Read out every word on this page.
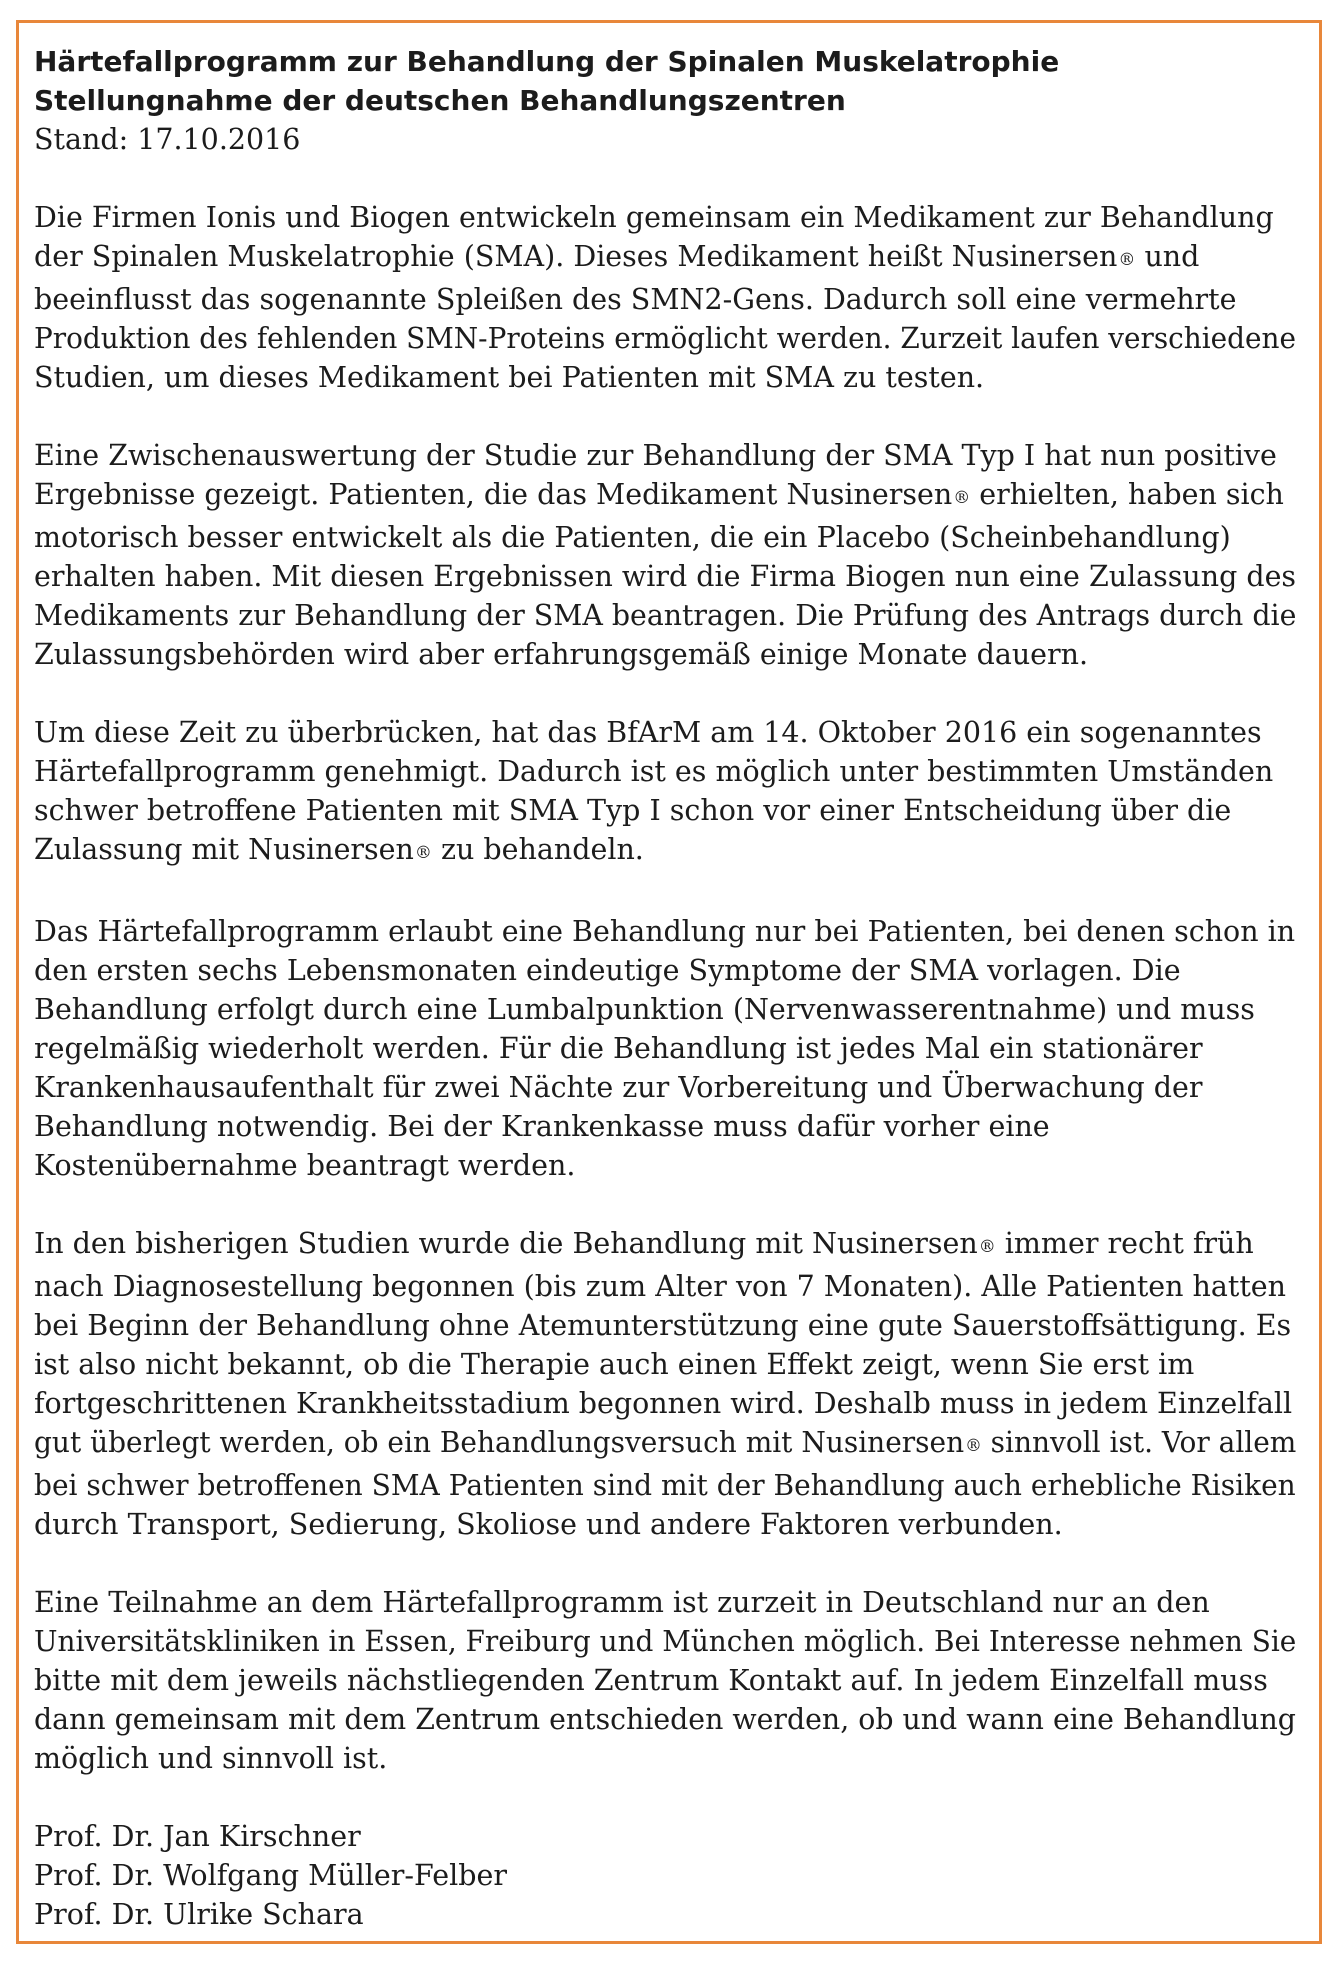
Härtefallprogramm zur Behandlung der Spinalen Muskelatrophie
Stellungnahme der deutschen Behandlungszentren
Stand: 17.10.2016
Die Firmen Ionis und Biogen entwickeln gemeinsam ein Medikament zur Behandlung
der Spinalen Muskelatrophie (SMA). Dieses Medikament heißt Nusinersen® und
beeinflusst das sogenannte Spleißen des SMN2-Gens. Dadurch soll eine vermehrte
Produktion des fehlenden SMN-Proteins ermöglicht werden. Zurzeit laufen verschiedene
Studien, um dieses Medikament bei Patienten mit SMA zu testen.
Eine Zwischenauswertung der Studie zur Behandlung der SMA Typ I hat nun positive
Ergebnisse gezeigt. Patienten, die das Medikament Nusinersen® erhielten, haben sich
motorisch besser entwickelt als die Patienten, die ein Placebo (Scheinbehandlung)
erhalten haben. Mit diesen Ergebnissen wird die Firma Biogen nun eine Zulassung des
Medikaments zur Behandlung der SMA beantragen. Die Prüfung des Antrags durch die
Zulassungsbehörden wird aber erfahrungsgemäß einige Monate dauern.
Um diese Zeit zu überbrücken, hat das BfArM am 14. Oktober 2016 ein sogenanntes
Härtefallprogramm genehmigt. Dadurch ist es möglich unter bestimmten Umständen
schwer betroffene Patienten mit SMA Typ I schon vor einer Entscheidung über die
Zulassung mit Nusinersen® zu behandeln.
Das Härtefallprogramm erlaubt eine Behandlung nur bei Patienten, bei denen schon in
den ersten sechs Lebensmonaten eindeutige Symptome der SMA vorlagen. Die
Behandlung erfolgt durch eine Lumbalpunktion (Nervenwasserentnahme) und muss
regelmäßig wiederholt werden. Für die Behandlung ist jedes Mal ein stationärer
Krankenhausaufenthalt für zwei Nächte zur Vorbereitung und Überwachung der
Behandlung notwendig. Bei der Krankenkasse muss dafür vorher eine
Kostenübernahme beantragt werden.
In den bisherigen Studien wurde die Behandlung mit Nusinersen® immer recht früh
nach Diagnosestellung begonnen (bis zum Alter von 7 Monaten). Alle Patienten hatten
bei Beginn der Behandlung ohne Atemunterstützung eine gute Sauerstoffsättigung. Es
ist also nicht bekannt, ob die Therapie auch einen Effekt zeigt, wenn Sie erst im
fortgeschrittenen Krankheitsstadium begonnen wird. Deshalb muss in jedem Einzelfall
gut überlegt werden, ob ein Behandlungsversuch mit Nusinersen® sinnvoll ist. Vor allem
bei schwer betroffenen SMA Patienten sind mit der Behandlung auch erhebliche Risiken
durch Transport, Sedierung, Skoliose und andere Faktoren verbunden.
Eine Teilnahme an dem Härtefallprogramm ist zurzeit in Deutschland nur an den
Universitätskliniken in Essen, Freiburg und München möglich. Bei Interesse nehmen Sie
bitte mit dem jeweils nächstliegenden Zentrum Kontakt auf. In jedem Einzelfall muss
dann gemeinsam mit dem Zentrum entschieden werden, ob und wann eine Behandlung
möglich und sinnvoll ist.
Prof. Dr. Jan Kirschner
Prof. Dr. Wolfgang Müller-Felber
Prof. Dr. Ulrike Schara
